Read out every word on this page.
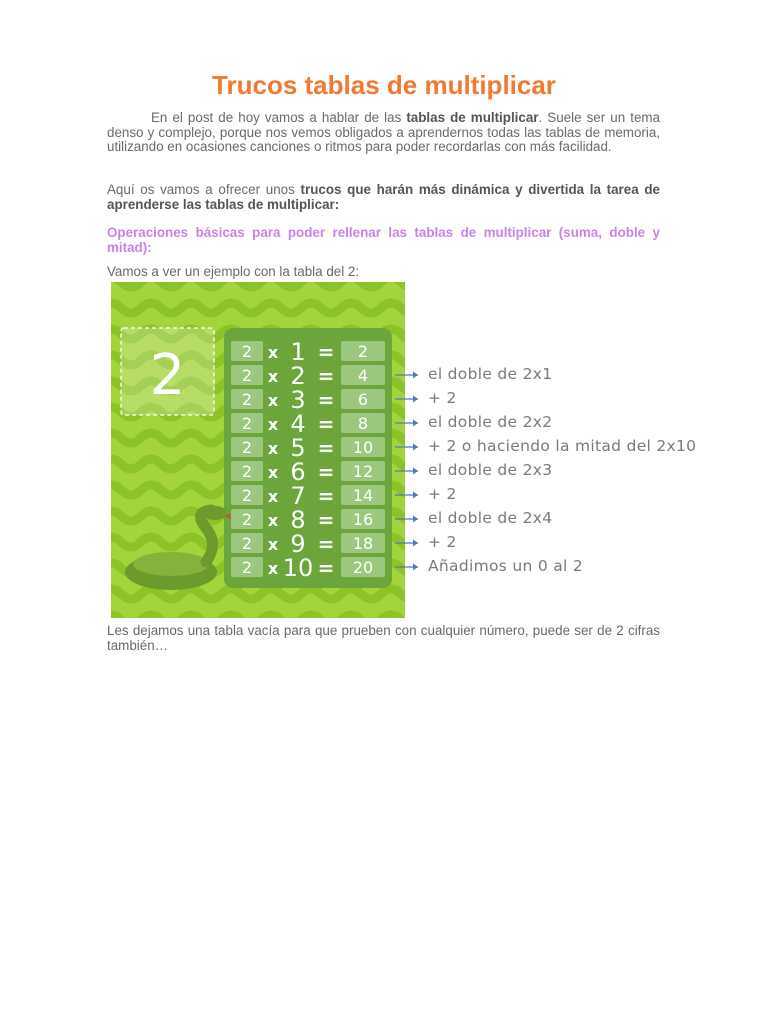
Trucos tablas de multiplicar

En el post de hoy vamos a hablar de las tablas de multiplicar. Suele ser un tema denso y complejo, porque nos vemos obligados a aprendernos todas las tablas de memoria, utilizando en ocasiones canciones o ritmos para poder recordarlas con más facilidad.

Aquí os vamos a ofrecer unos trucos que harán más dinámica y divertida la tarea de aprenderse las tablas de multiplicar:

Operaciones básicas para poder rellenar las tablas de multiplicar (suma, doble y mitad):

Vamos a ver un ejemplo con la tabla del 2:

2	2 x 1 = 2
2 x 2 = 4
2 x 3 = 6
2 x 4 = 8
2 x 5 = 10
2 x 6 = 12
2 x 7 = 14
2 x 8 = 16
2 x 9 = 18
2 x 10 = 20
el doble de 2x1
+ 2
el doble de 2x2
+ 2 o haciendo la mitad del 2x10
el doble de 2x3
+ 2
el doble de 2x4
+ 2
Añadimos un 0 al 2

Les dejamos una tabla vacía para que prueben con cualquier número, puede ser de 2 cifras también…
